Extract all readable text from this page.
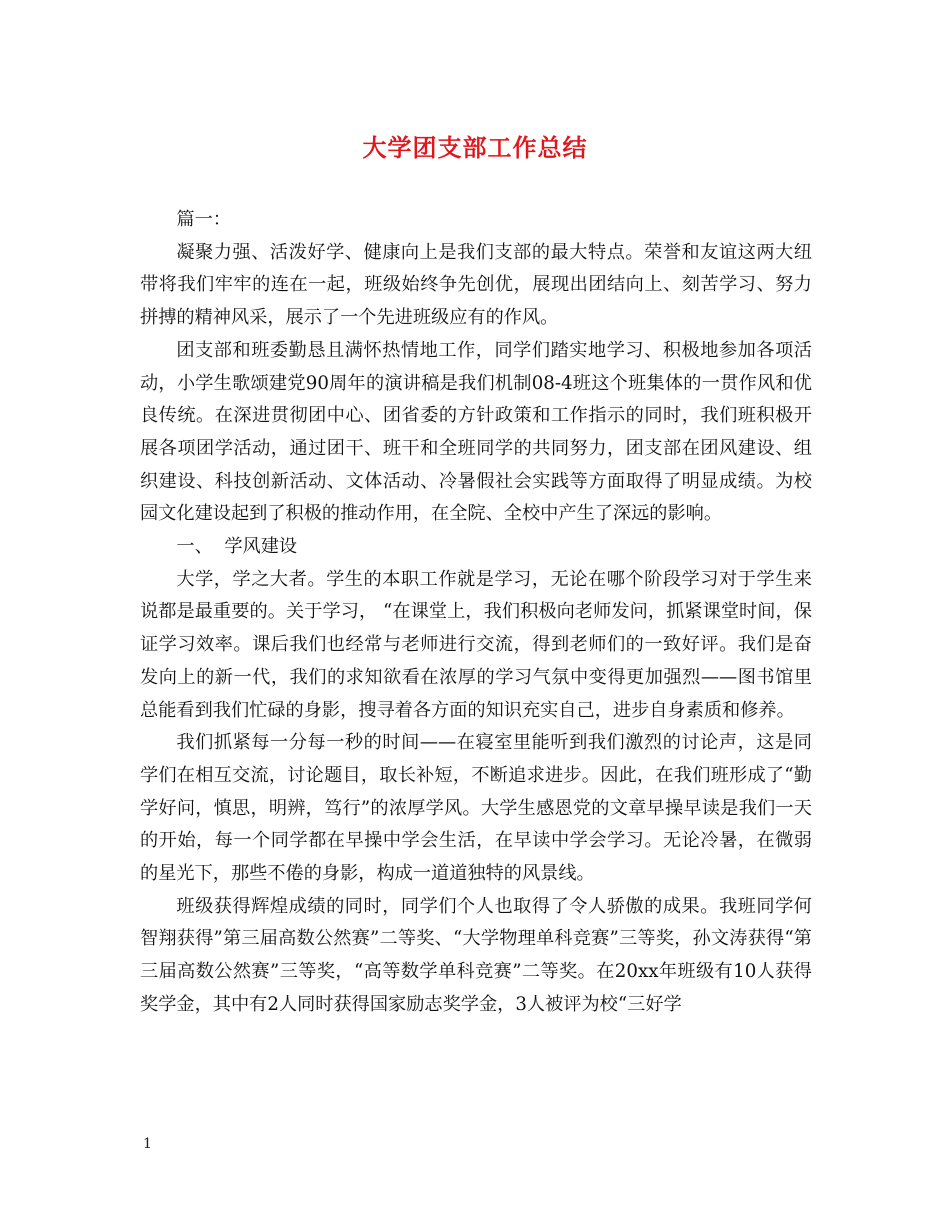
大学团支部工作总结

篇一：

凝聚力强、活泼好学、健康向上是我们支部的最大特点。荣誉和友谊这两大纽带将我们牢牢的连在一起，班级始终争先创优，展现出团结向上、刻苦学习、努力拼搏的精神风采，展示了一个先进班级应有的作风。

团支部和班委勤恳且满怀热情地工作，同学们踏实地学习、积极地参加各项活动，小学生歌颂建党90周年的演讲稿是我们机制08-4班这个班集体的一贯作风和优良传统。在深进贯彻团中心、团省委的方针政策和工作指示的同时，我们班积极开展各项团学活动，通过团干、班干和全班同学的共同努力，团支部在团风建设、组织建设、科技创新活动、文体活动、冷暑假社会实践等方面取得了明显成绩。为校园文化建设起到了积极的推动作用，在全院、全校中产生了深远的影响。

一、  学风建设

大学，学之大者。学生的本职工作就是学习，无论在哪个阶段学习对于学生来说都是最重要的。关于学习， “在课堂上，我们积极向老师发问，抓紧课堂时间，保证学习效率。课后我们也经常与老师进行交流，得到老师们的一致好评。我们是奋发向上的新一代，我们的求知欲看在浓厚的学习气氛中变得更加强烈——图书馆里总能看到我们忙碌的身影，搜寻着各方面的知识充实自己，进步自身素质和修养。

我们抓紧每一分每一秒的时间——在寝室里能听到我们激烈的讨论声，这是同学们在相互交流，讨论题目，取长补短，不断追求进步。因此，在我们班形成了“勤学好问，慎思，明辨，笃行”的浓厚学风。大学生感恩党的文章早操早读是我们一天的开始，每一个同学都在早操中学会生活，在早读中学会学习。无论冷暑，在微弱的星光下，那些不倦的身影，构成一道道独特的风景线。

班级获得辉煌成绩的同时，同学们个人也取得了令人骄傲的成果。我班同学何智翔获得”第三届高数公然赛”二等奖、“大学物理单科竞赛”三等奖，孙文涛获得“第三届高数公然赛”三等奖，“高等数学单科竞赛”二等奖。在20xx年班级有10人获得奖学金，其中有2人同时获得国家励志奖学金，3人被评为校“三好学

1
